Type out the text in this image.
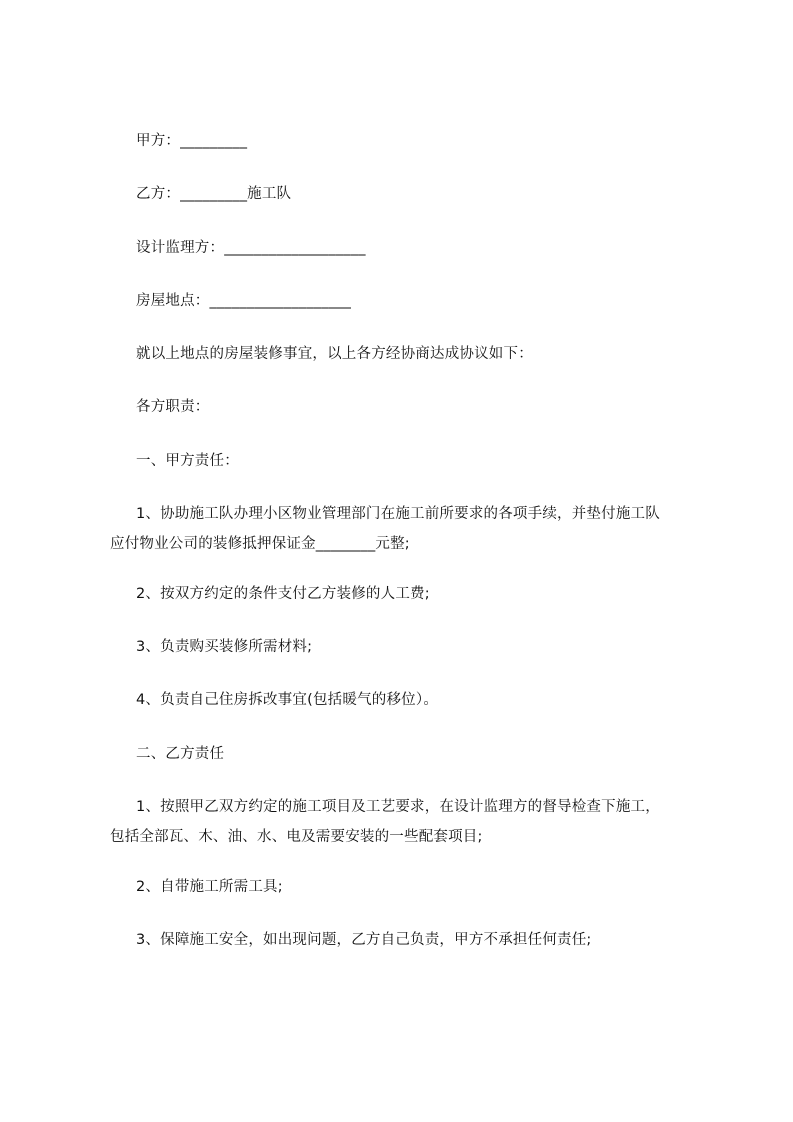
甲方：_________
乙方：_________施工队
设计监理方：___________________
房屋地点：___________________
就以上地点的房屋装修事宜，以上各方经协商达成协议如下：
各方职责：
一、甲方责任：
1、协助施工队办理小区物业管理部门在施工前所要求的各项手续，并垫付施工队
应付物业公司的装修抵押保证金________元整;
2、按双方约定的条件支付乙方装修的人工费;
3、负责购买装修所需材料;
4、负责自己住房拆改事宜(包括暖气的移位）。
二、乙方责任
1、按照甲乙双方约定的施工项目及工艺要求，在设计监理方的督导检查下施工，
包括全部瓦、木、油、水、电及需要安装的一些配套项目;
2、自带施工所需工具;
3、保障施工安全，如出现问题，乙方自己负责，甲方不承担任何责任;
